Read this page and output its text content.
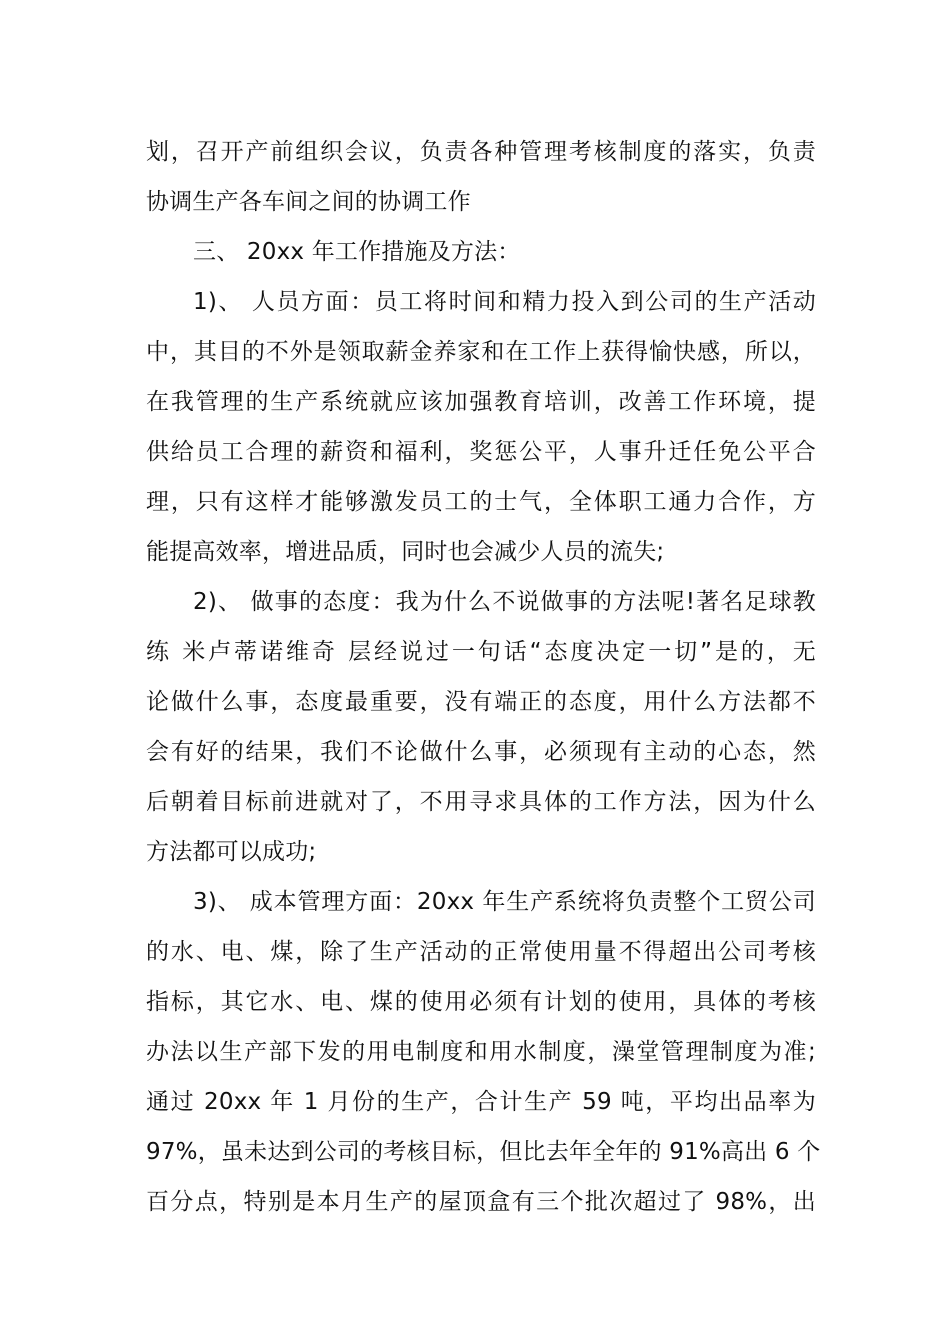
划，召开产前组织会议，负责各种管理考核制度的落实，负责
协调生产各车间之间的协调工作
三、 20xx 年工作措施及方法：
1)、 人员方面：员工将时间和精力投入到公司的生产活动
中，其目的不外是领取薪金养家和在工作上获得愉快感，所以，
在我管理的生产系统就应该加强教育培训，改善工作环境，提
供给员工合理的薪资和福利，奖惩公平，人事升迁任免公平合
理，只有这样才能够激发员工的士气，全体职工通力合作，方
能提高效率，增进品质，同时也会减少人员的流失;
2)、 做事的态度：我为什么不说做事的方法呢!著名足球教
练 米卢蒂诺维奇 层经说过一句话“态度决定一切”是的，无
论做什么事，态度最重要，没有端正的态度，用什么方法都不
会有好的结果，我们不论做什么事，必须现有主动的心态，然
后朝着目标前进就对了，不用寻求具体的工作方法，因为什么
方法都可以成功;
3)、 成本管理方面：20xx 年生产系统将负责整个工贸公司
的水、电、煤，除了生产活动的正常使用量不得超出公司考核
指标，其它水、电、煤的使用必须有计划的使用，具体的考核
办法以生产部下发的用电制度和用水制度，澡堂管理制度为准;
通过 20xx 年 1 月份的生产，合计生产 59 吨，平均出品率为
97%，虽未达到公司的考核目标，但比去年全年的 91%高出 6 个
百分点，特别是本月生产的屋顶盒有三个批次超过了 98%，出
